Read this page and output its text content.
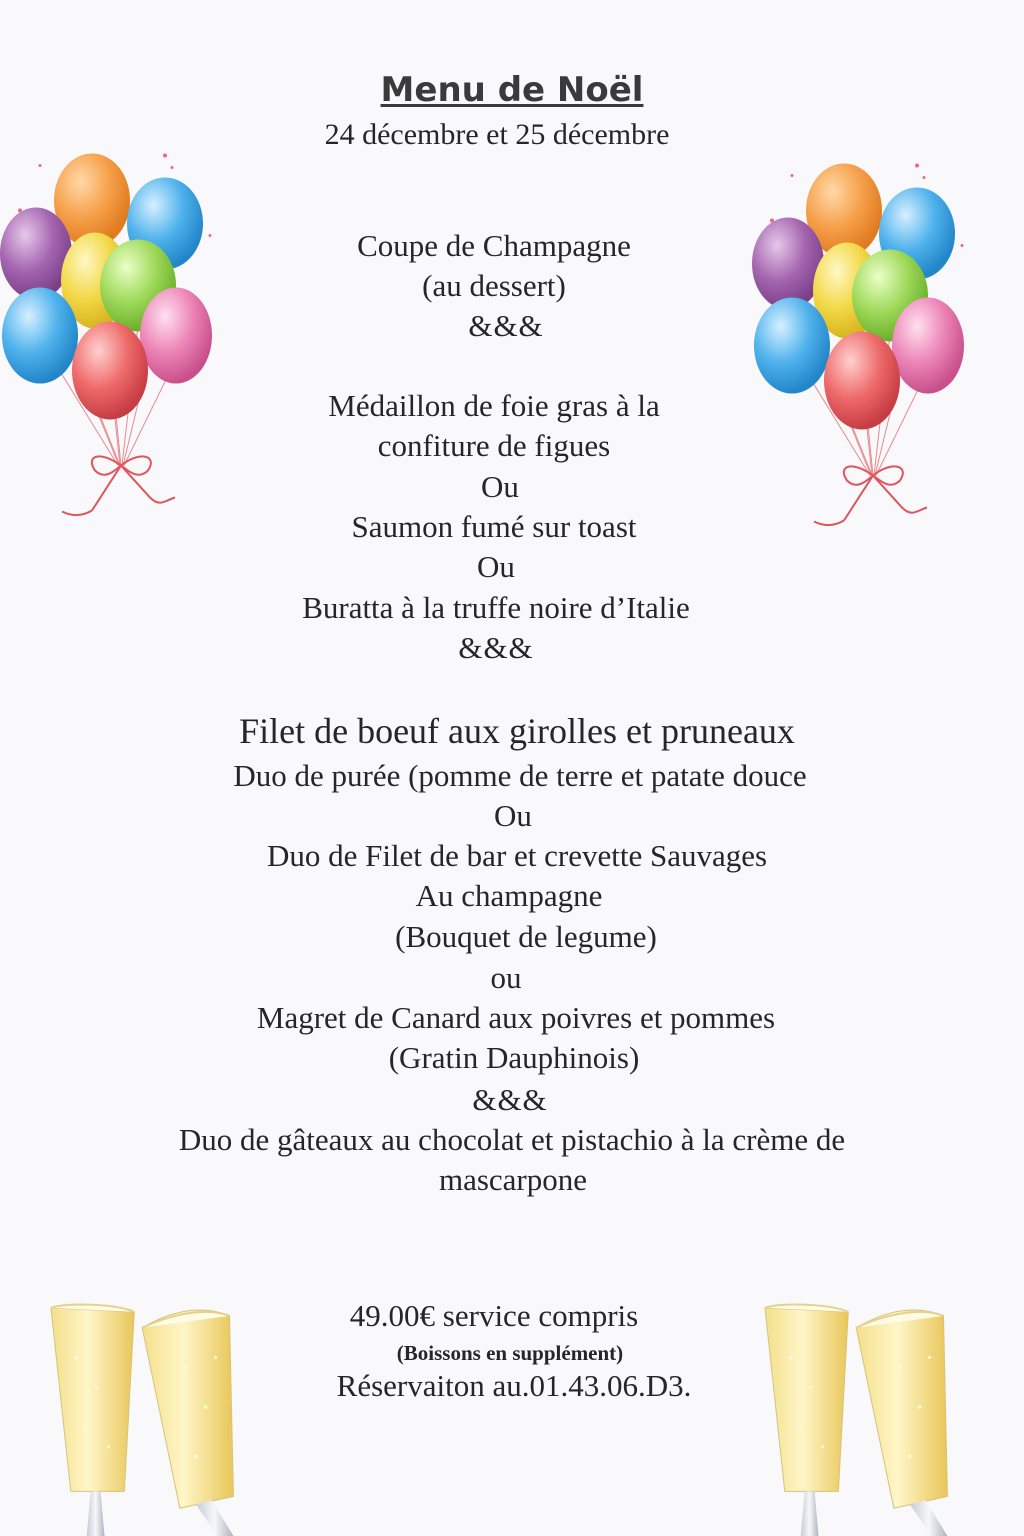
Menu de Noël
24 décembre et 25 décembre
Coupe de Champagne
(au dessert)
&&&
Médaillon de foie gras à la
confiture de figues
Ou
Saumon fumé sur toast
Ou
Buratta à la truffe noire d’Italie
&&&
Filet de boeuf aux girolles et pruneaux
Duo de purée (pomme de terre et patate douce
Ou
Duo de Filet de bar et crevette Sauvages
Au champagne
(Bouquet de legume)
ou
Magret de Canard aux poivres et pommes
(Gratin Dauphinois)
&&&
Duo de gâteaux au chocolat et pistachio à la crème de
mascarpone
49.00€ service compris
(Boissons en supplément)
Réservaiton au.01.43.06.D3.
